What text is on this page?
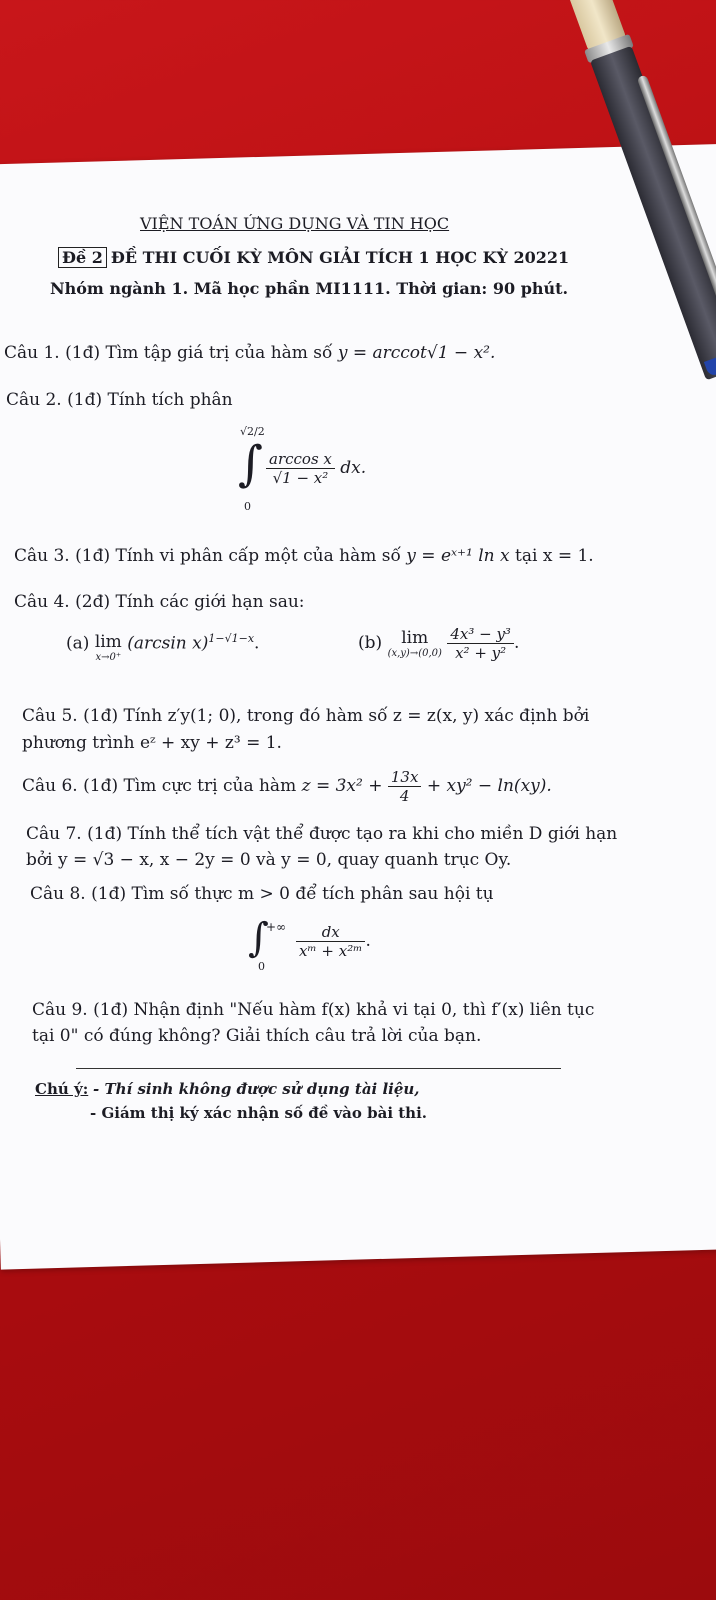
VIỆN TOÁN ỨNG DỤNG VÀ TIN HỌC
Đề 2 ĐỀ THI CUỐI KỲ MÔN GIẢI TÍCH 1 HỌC KỲ 20221
Nhóm ngành 1. Mã học phần MI1111. Thời gian: 90 phút.
Câu 1. (1đ) Tìm tập giá trị của hàm số y = arccot√1 − x².
Câu 2. (1đ) Tính tích phân
√2/2
∫
0
$\frac{\text{arccos x}}{\text{√1 − x²}}$ dx.
Câu 3. (1đ) Tính vi phân cấp một của hàm số y = eˣ⁺¹ ln x tại x = 1.
Câu 4. (2đ) Tính các giới hạn sau:
(a) lim
x→0⁺
(arcsin x)$^{1-√1-x}$.	(b)	lim
(x,y)→(0,0)
$\frac{\text{4x³ − y³}}{\text{x² + y²}}$ .
Câu 5. (1đ) Tính z′y(1; 0), trong đó hàm số z = z(x, y) xác định bởi
phương trình eᶻ + xy + z³ = 1.
Câu 6. (1đ) Tìm cực trị của hàm $z = 3x^2 + \frac{13x}{4} + xy^2 - \ln(xy)$.
Câu 7. (1đ) Tính thể tích vật thể được tạo ra khi cho miền D giới hạn
bởi y = √3 − x, x − 2y = 0 và y = 0, quay quanh trục Oy.
Câu 8. (1đ) Tìm số thực m > 0 để tích phân sau hội tụ
∫
+∞
0
$\frac{dx}{\text{xᵐ + x²ᵐ}}$ .
Câu 9. (1đ) Nhận định "Nếu hàm f(x) khả vi tại 0, thì f′(x) liên tục
tại 0" có đúng không? Giải thích câu trả lời của bạn.
Chú ý: - Thí sinh không được sử dụng tài liệu,
- Giám thị ký xác nhận số đề vào bài thi.
